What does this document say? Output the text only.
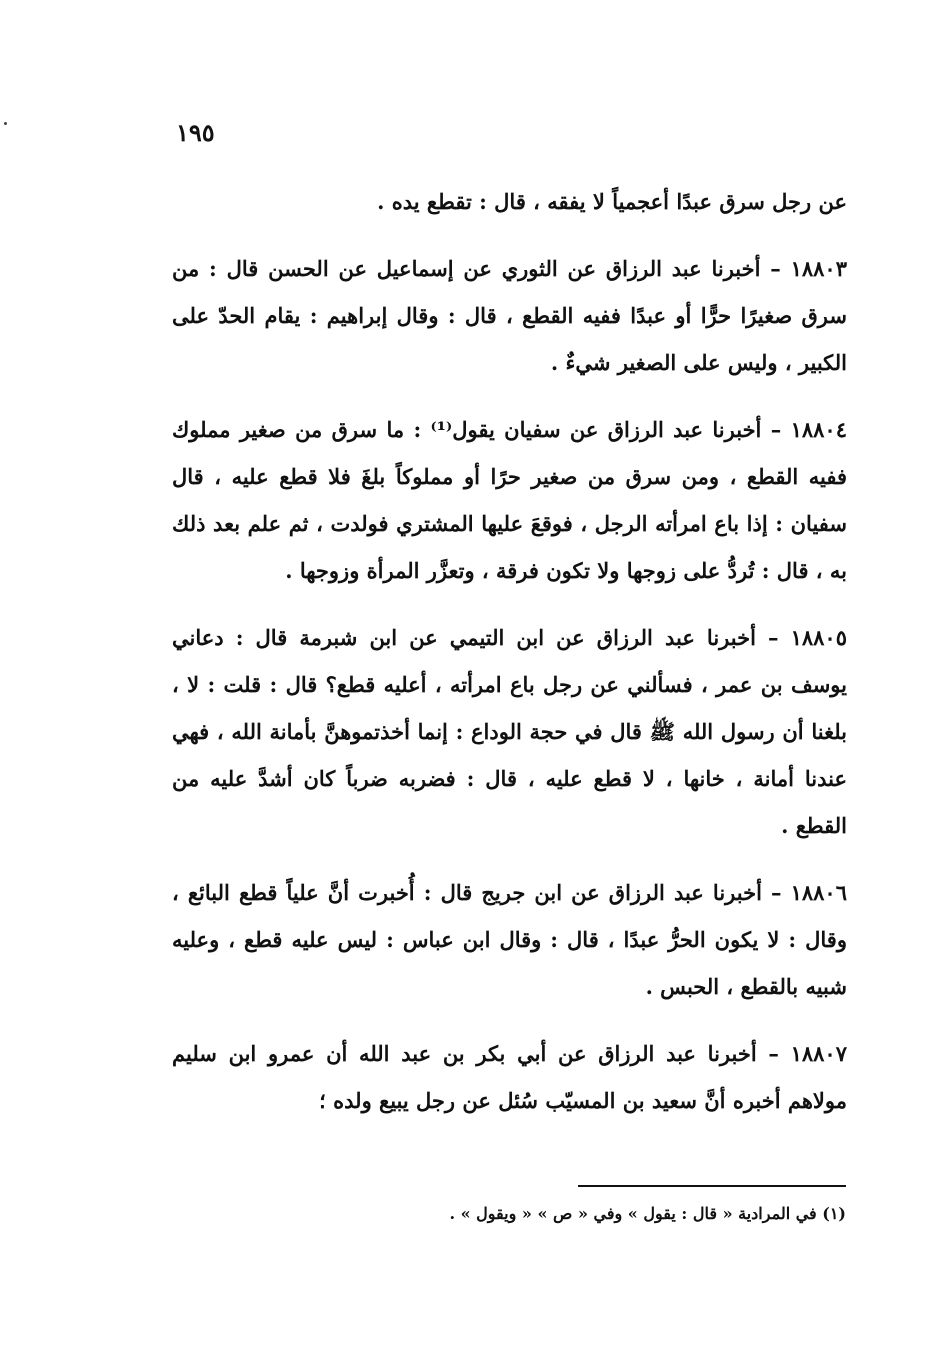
١٩٥

عن رجل سرق عبدًا أعجمياً لا يفقه ، قال : تقطع يده .

١٨٨٠٣ – أخبرنا عبد الرزاق عن الثوري عن إسماعيل عن الحسن قال : من سرق صغيرًا حرًّا أو عبدًا ففيه القطع ، قال : وقال إبراهيم : يقام الحدّ على الكبير ، وليس على الصغير شيءٌ .

١٨٨٠٤ – أخبرنا عبد الرزاق عن سفيان يقول⁽¹⁾ : ما سرق من صغير مملوك ففيه القطع ، ومن سرق من صغير حرًا أو مملوكاً بلغَ فلا قطع عليه ، قال سفيان : إذا باع امرأته الرجل ، فوقعَ عليها المشتري فولدت ، ثم علم بعد ذلك به ، قال : تُردُّ على زوجها ولا تكون فرقة ، وتعزَّر المرأة وزوجها .

١٨٨٠٥ – أخبرنا عبد الرزاق عن ابن التيمي عن ابن شبرمة قال : دعاني يوسف بن عمر ، فسألني عن رجل باع امرأته ، أعليه قطع؟ قال : قلت : لا ، بلغنا أن رسول الله ﷺ قال في حجة الوداع : إنما أخذتموهنَّ بأمانة الله ، فهي عندنا أمانة ، خانها ، لا قطع عليه ، قال : فضربه ضرباً كان أشدَّ عليه من القطع .

١٨٨٠٦ – أخبرنا عبد الرزاق عن ابن جريج قال : أُخبرت أنَّ علياً قطع البائع ، وقال : لا يكون الحرُّ عبدًا ، قال : وقال ابن عباس : ليس عليه قطع ، وعليه شبيه بالقطع ، الحبس .

١٨٨٠٧ – أخبرنا عبد الرزاق عن أبي بكر بن عبد الله أن عمرو ابن سليم مولاهم أخبره أنَّ سعيد بن المسيّب سُئل عن رجل يبيع ولده ؛

(١) في المرادية « قال : يقول » وفي « ص » « ويقول » .
